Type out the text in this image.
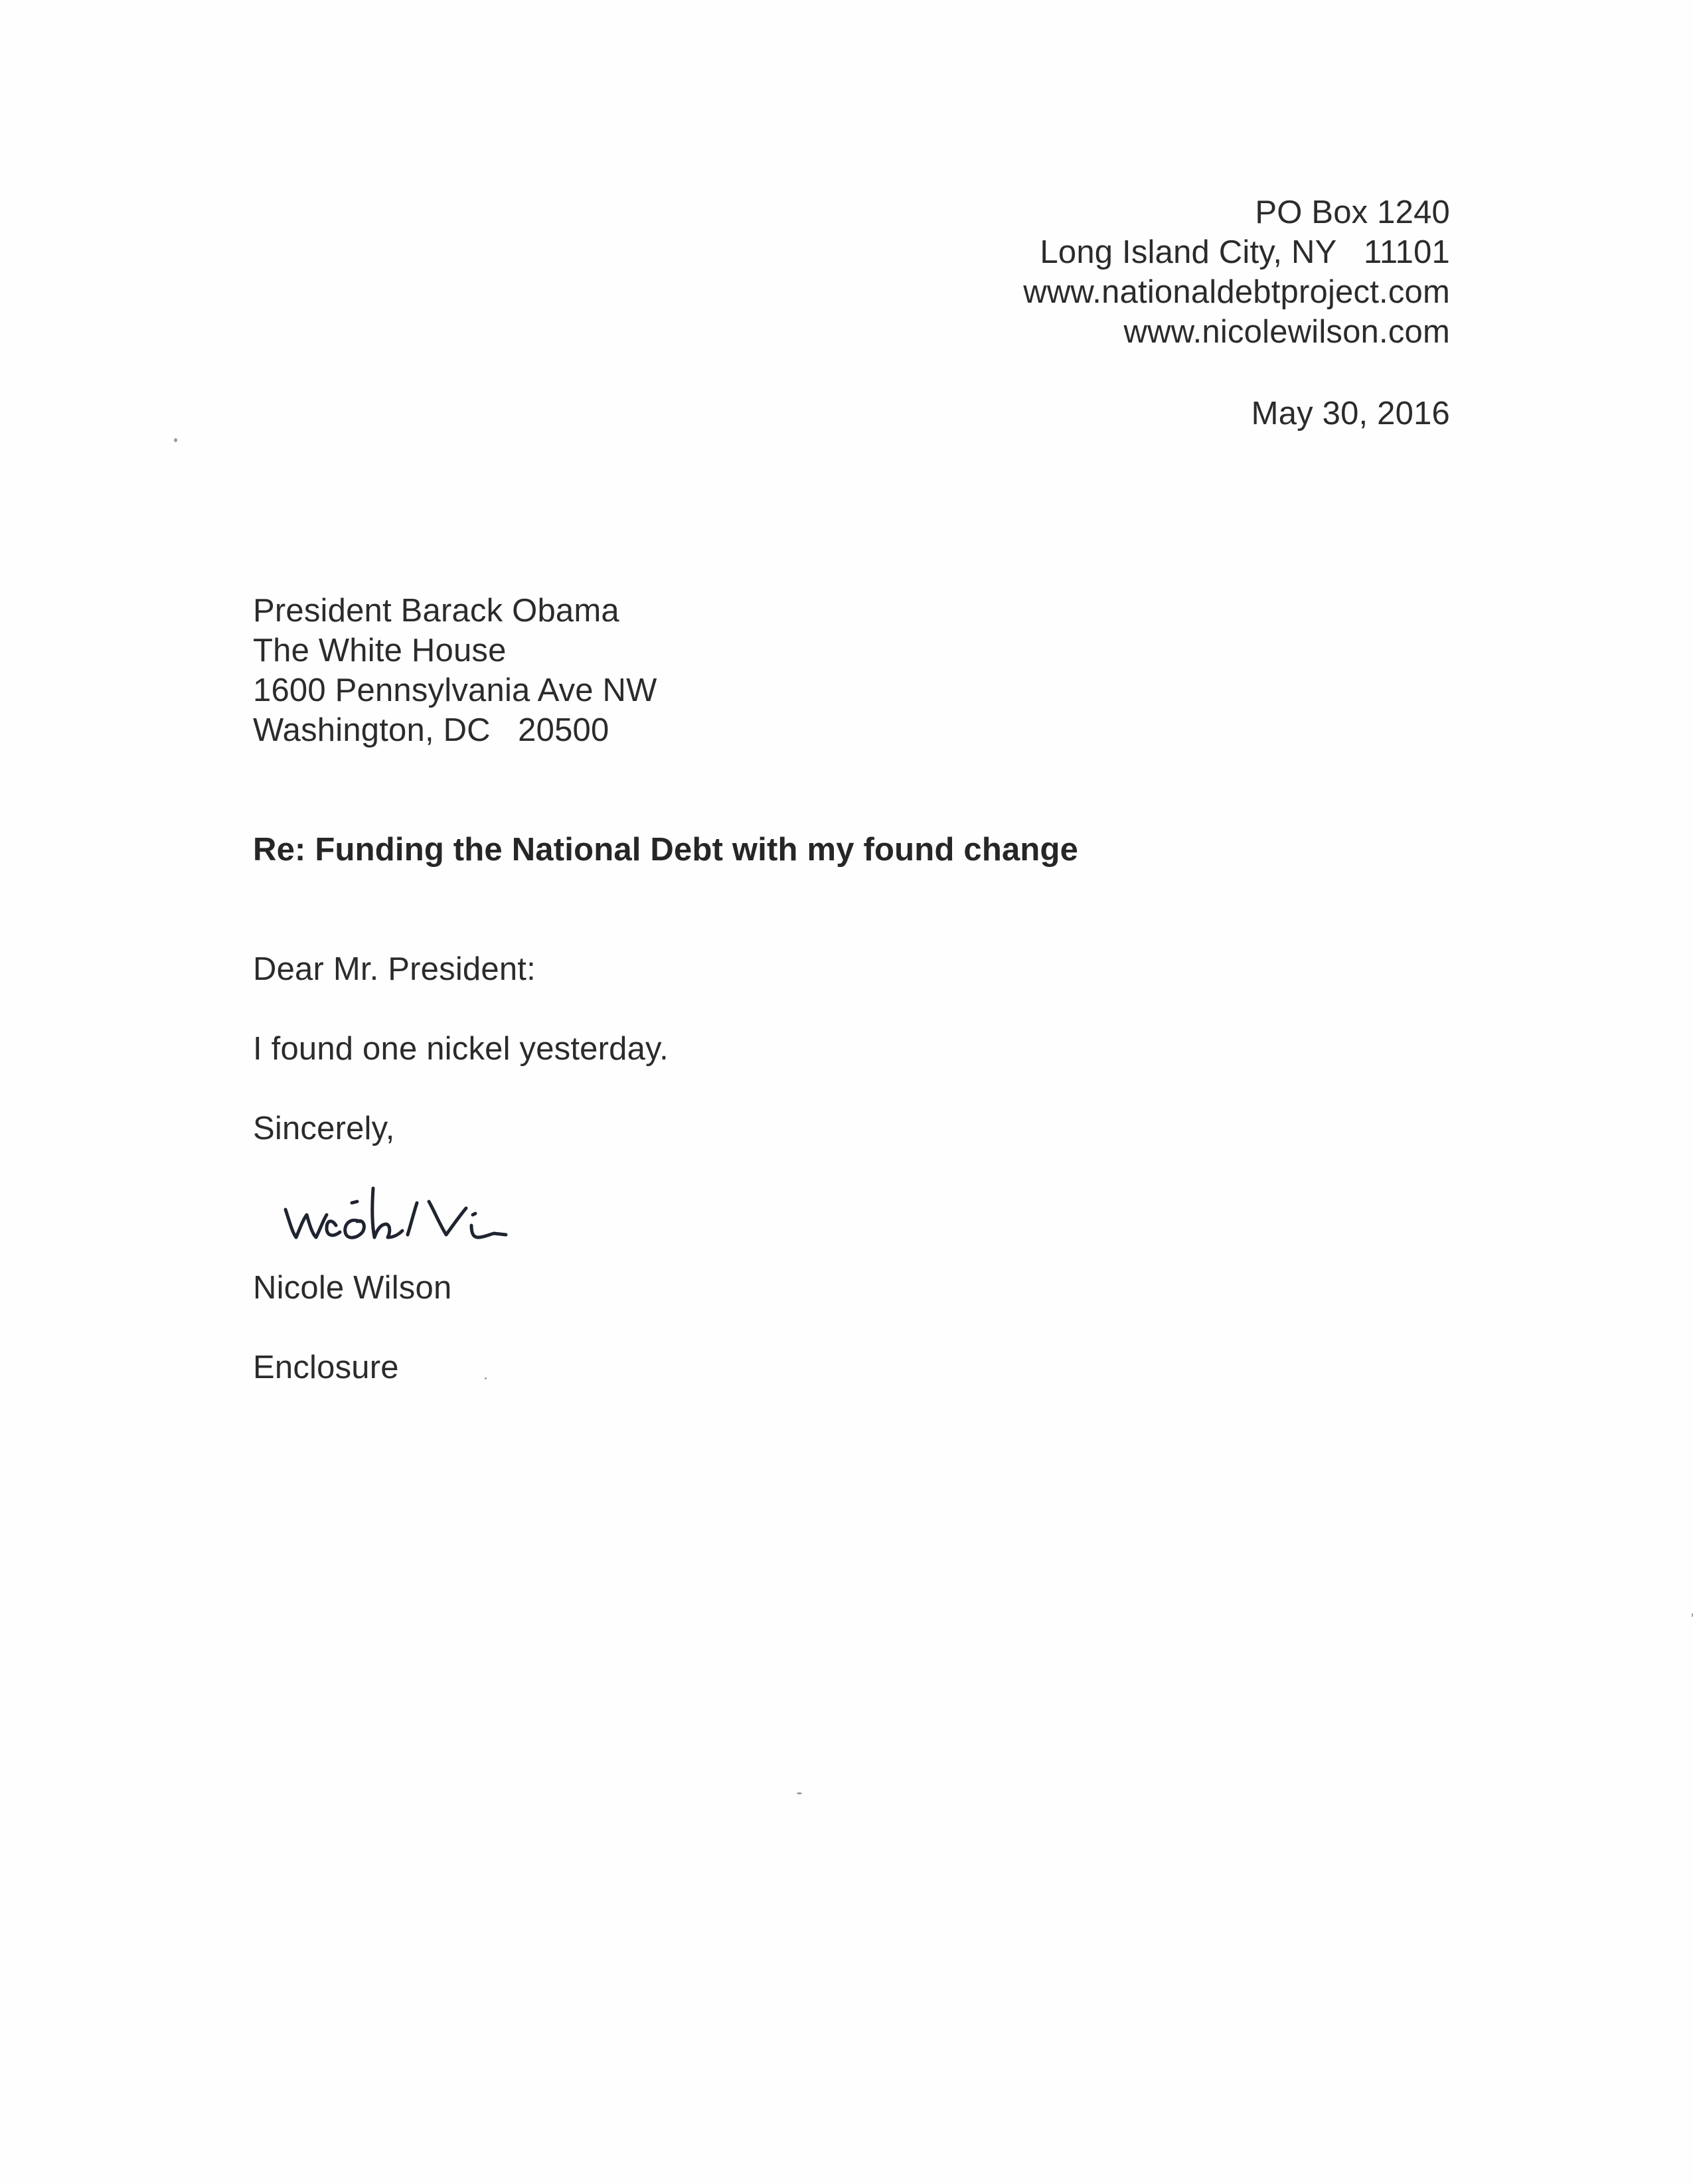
PO Box 1240
Long Island City, NY   11101
www.nationaldebtproject.com
www.nicolewilson.com
May 30, 2016
President Barack Obama
The White House
1600 Pennsylvania Ave NW
Washington, DC   20500
Re: Funding the National Debt with my found change
Dear Mr. President:
I found one nickel yesterday.
Sincerely,
Nicole Wilson
Enclosure
